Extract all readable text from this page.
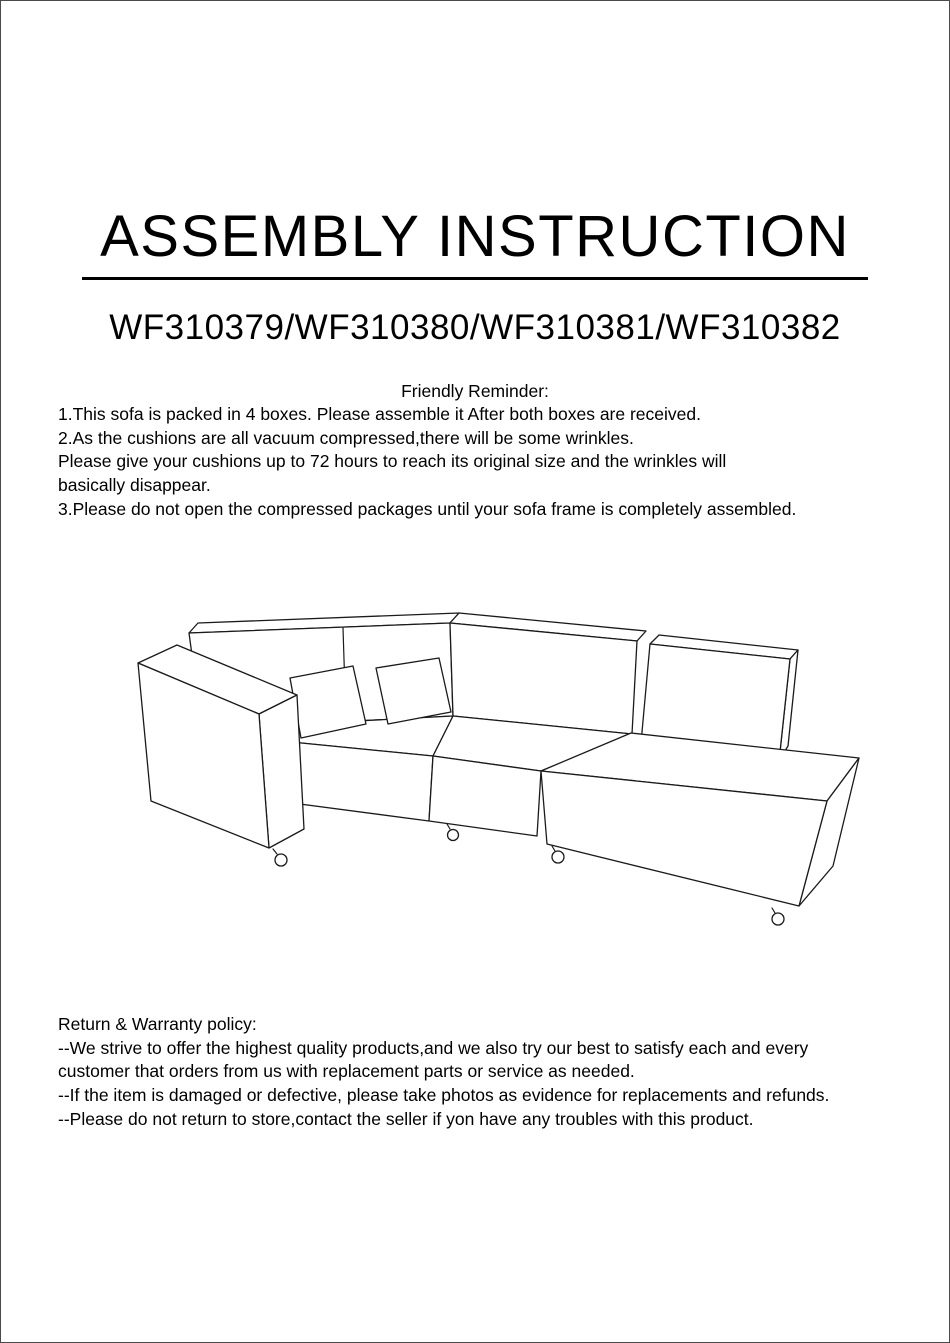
ASSEMBLY INSTRUCTION
WF310379/WF310380/WF310381/WF310382
Friendly Reminder:
1.This sofa is packed in 4 boxes. Please assemble it After both boxes are received.
2.As the cushions are all vacuum compressed,there will be some wrinkles.
Please give your cushions up to 72 hours to reach its original size and the wrinkles will
basically disappear.
3.Please do not open the compressed packages until your sofa frame is completely assembled.
Return & Warranty policy:
--We strive to offer the highest quality products,and we also try our best to satisfy each and every
customer that orders from us with replacement parts or service as needed.
--If the item is damaged or defective, please take photos as evidence for replacements and refunds.
--Please do not return to store,contact the seller if yon have any troubles with this product.
